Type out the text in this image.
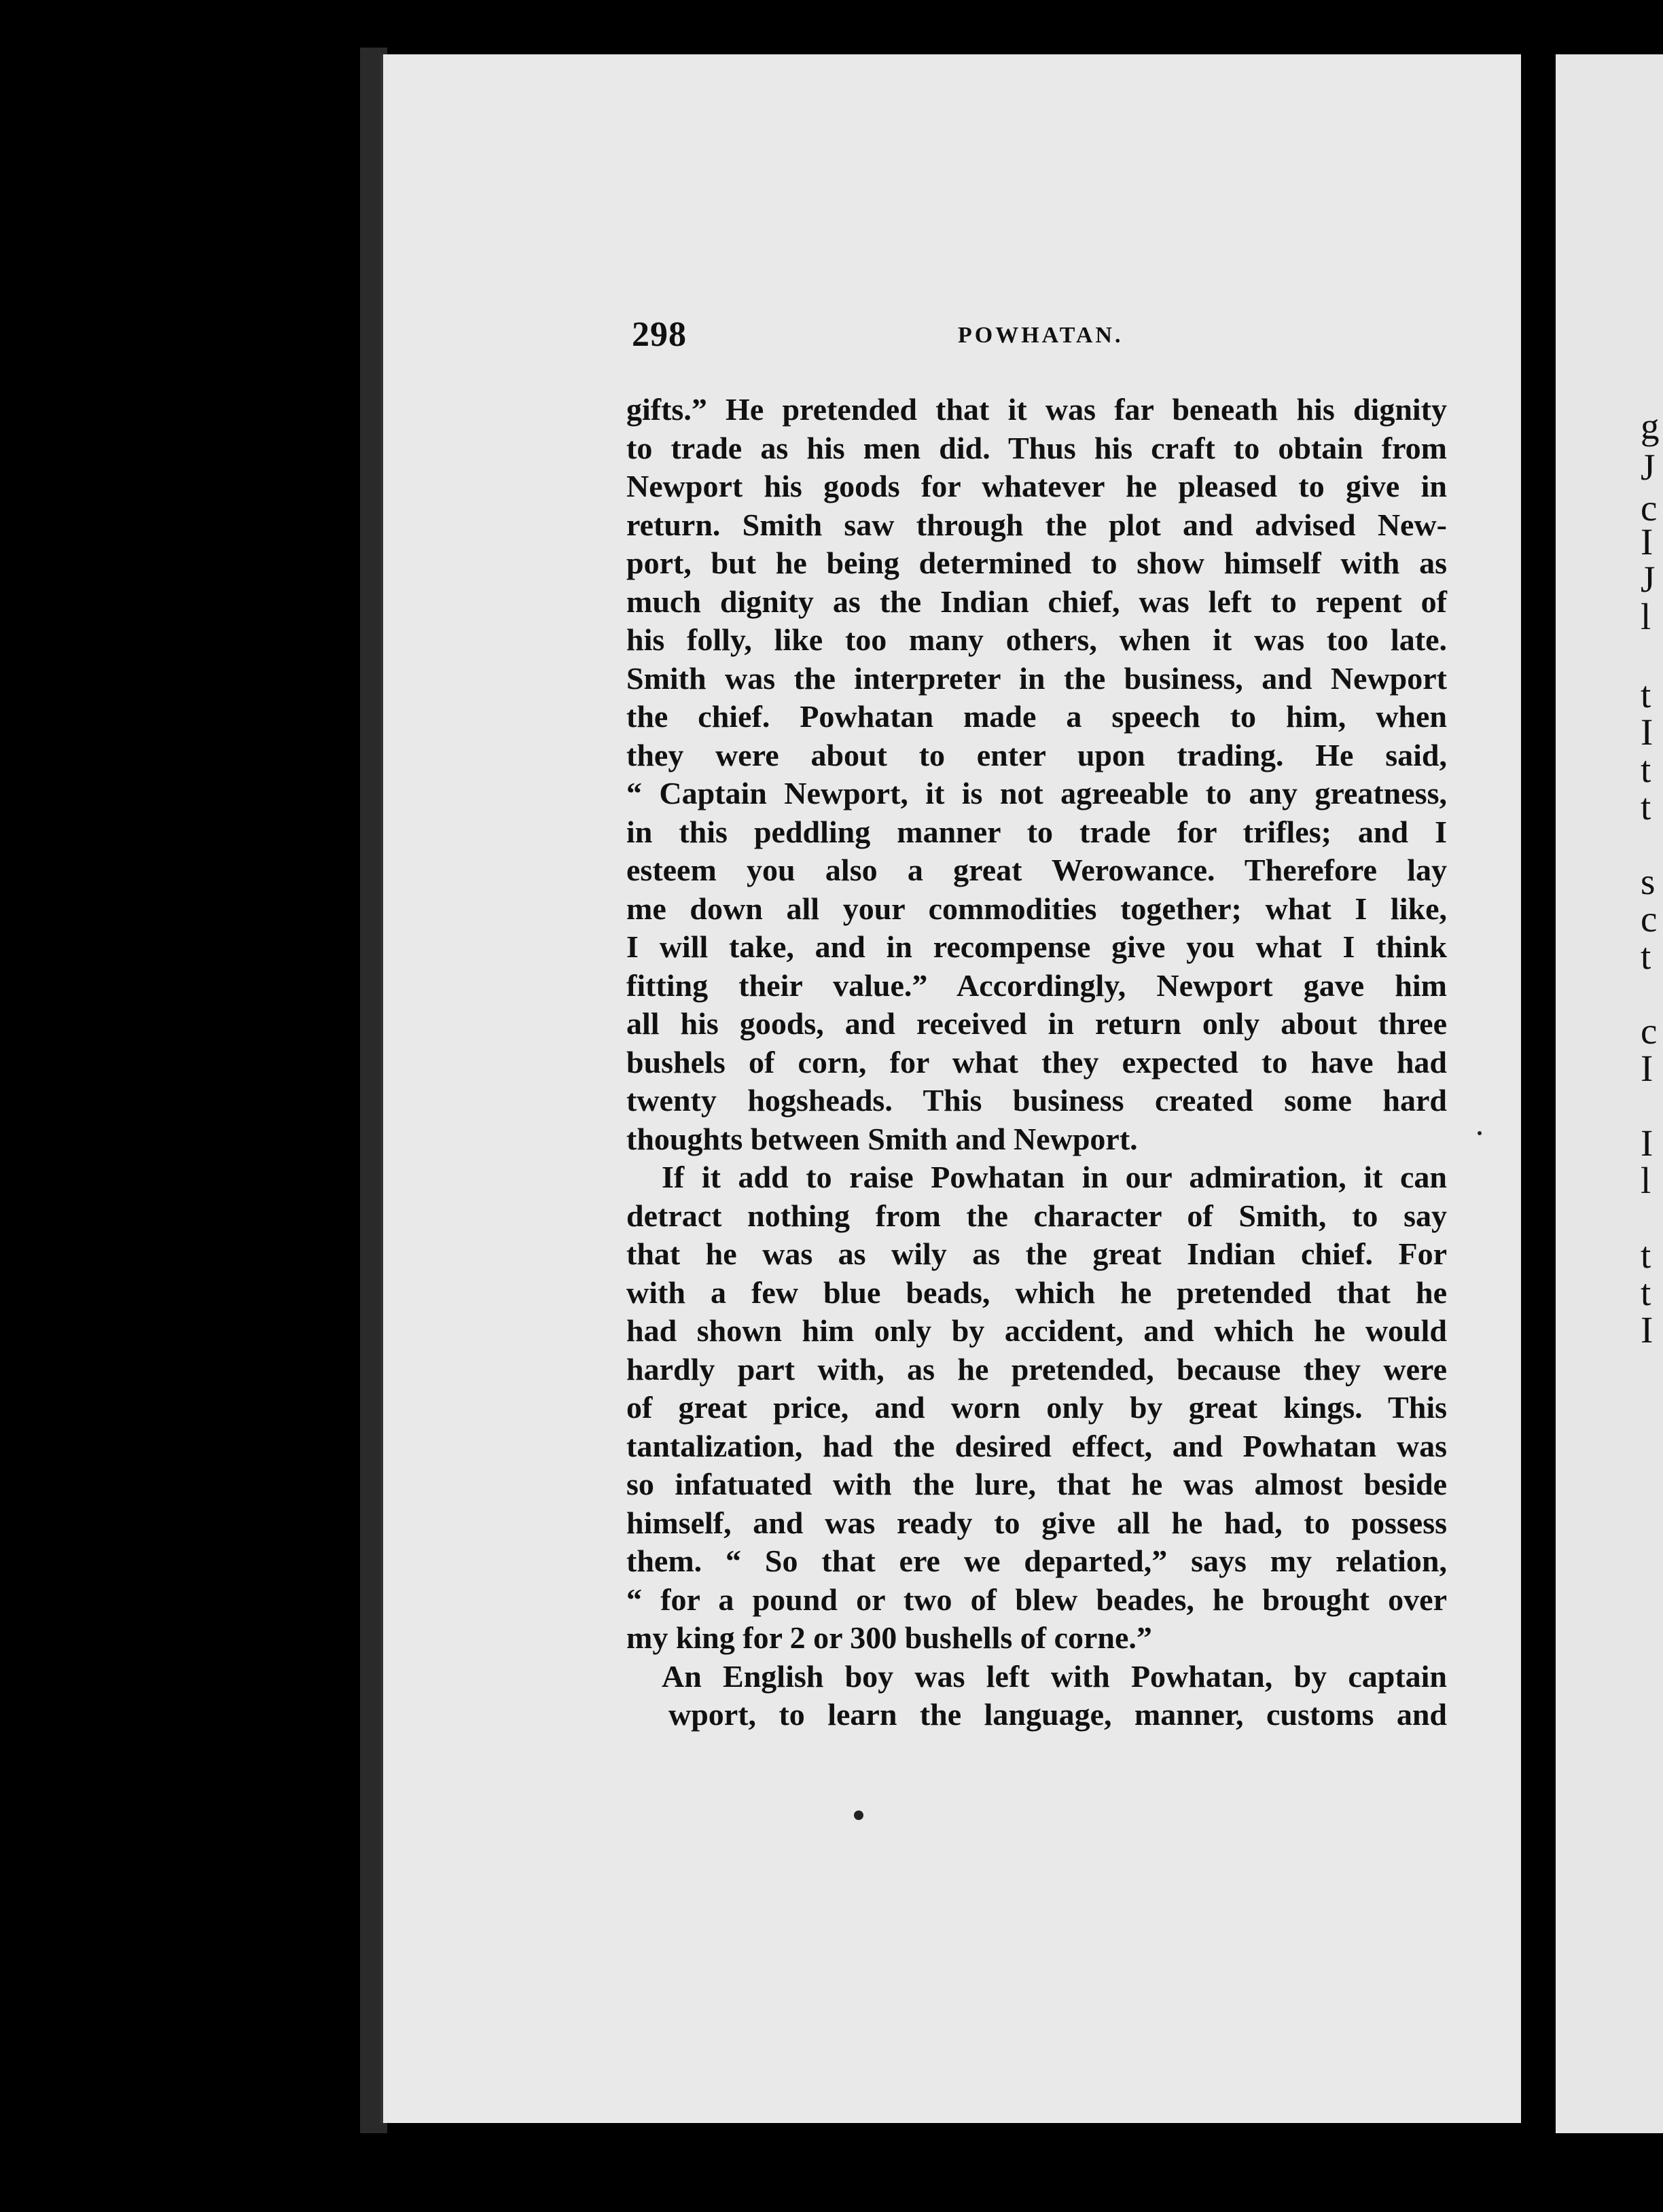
g
J
c
I
J
l
t
I
t
t
s
c
t
c
I
I
l
t
t
I
298	POWHATAN.
gifts.” He pretended that it was far beneath his dignity
to trade as his men did. Thus his craft to obtain from
Newport his goods for whatever he pleased to give in
return. Smith saw through the plot and advised New-
port, but he being determined to show himself with as
much dignity as the Indian chief, was left to repent of
his folly, like too many others, when it was too late.
Smith was the interpreter in the business, and Newport
the chief. Powhatan made a speech to him, when
they were about to enter upon trading. He said,
“ Captain Newport, it is not agreeable to any greatness,
in this peddling manner to trade for trifles; and I
esteem you also a great Werowance. Therefore lay
me down all your commodities together; what I like,
I will take, and in recompense give you what I think
fitting their value.” Accordingly, Newport gave him
all his goods, and received in return only about three
bushels of corn, for what they expected to have had
twenty hogsheads. This business created some hard
thoughts between Smith and Newport.
If it add to raise Powhatan in our admiration, it can
detract nothing from the character of Smith, to say
that he was as wily as the great Indian chief. For
with a few blue beads, which he pretended that he
had shown him only by accident, and which he would
hardly part with, as he pretended, because they were
of great price, and worn only by great kings. This
tantalization, had the desired effect, and Powhatan was
so infatuated with the lure, that he was almost beside
himself, and was ready to give all he had, to possess
them. “ So that ere we departed,” says my relation,
“ for a pound or two of blew beades, he brought over
my king for 2 or 300 bushells of corne.”
An English boy was left with Powhatan, by captain
wport, to learn the language, manner, customs and
